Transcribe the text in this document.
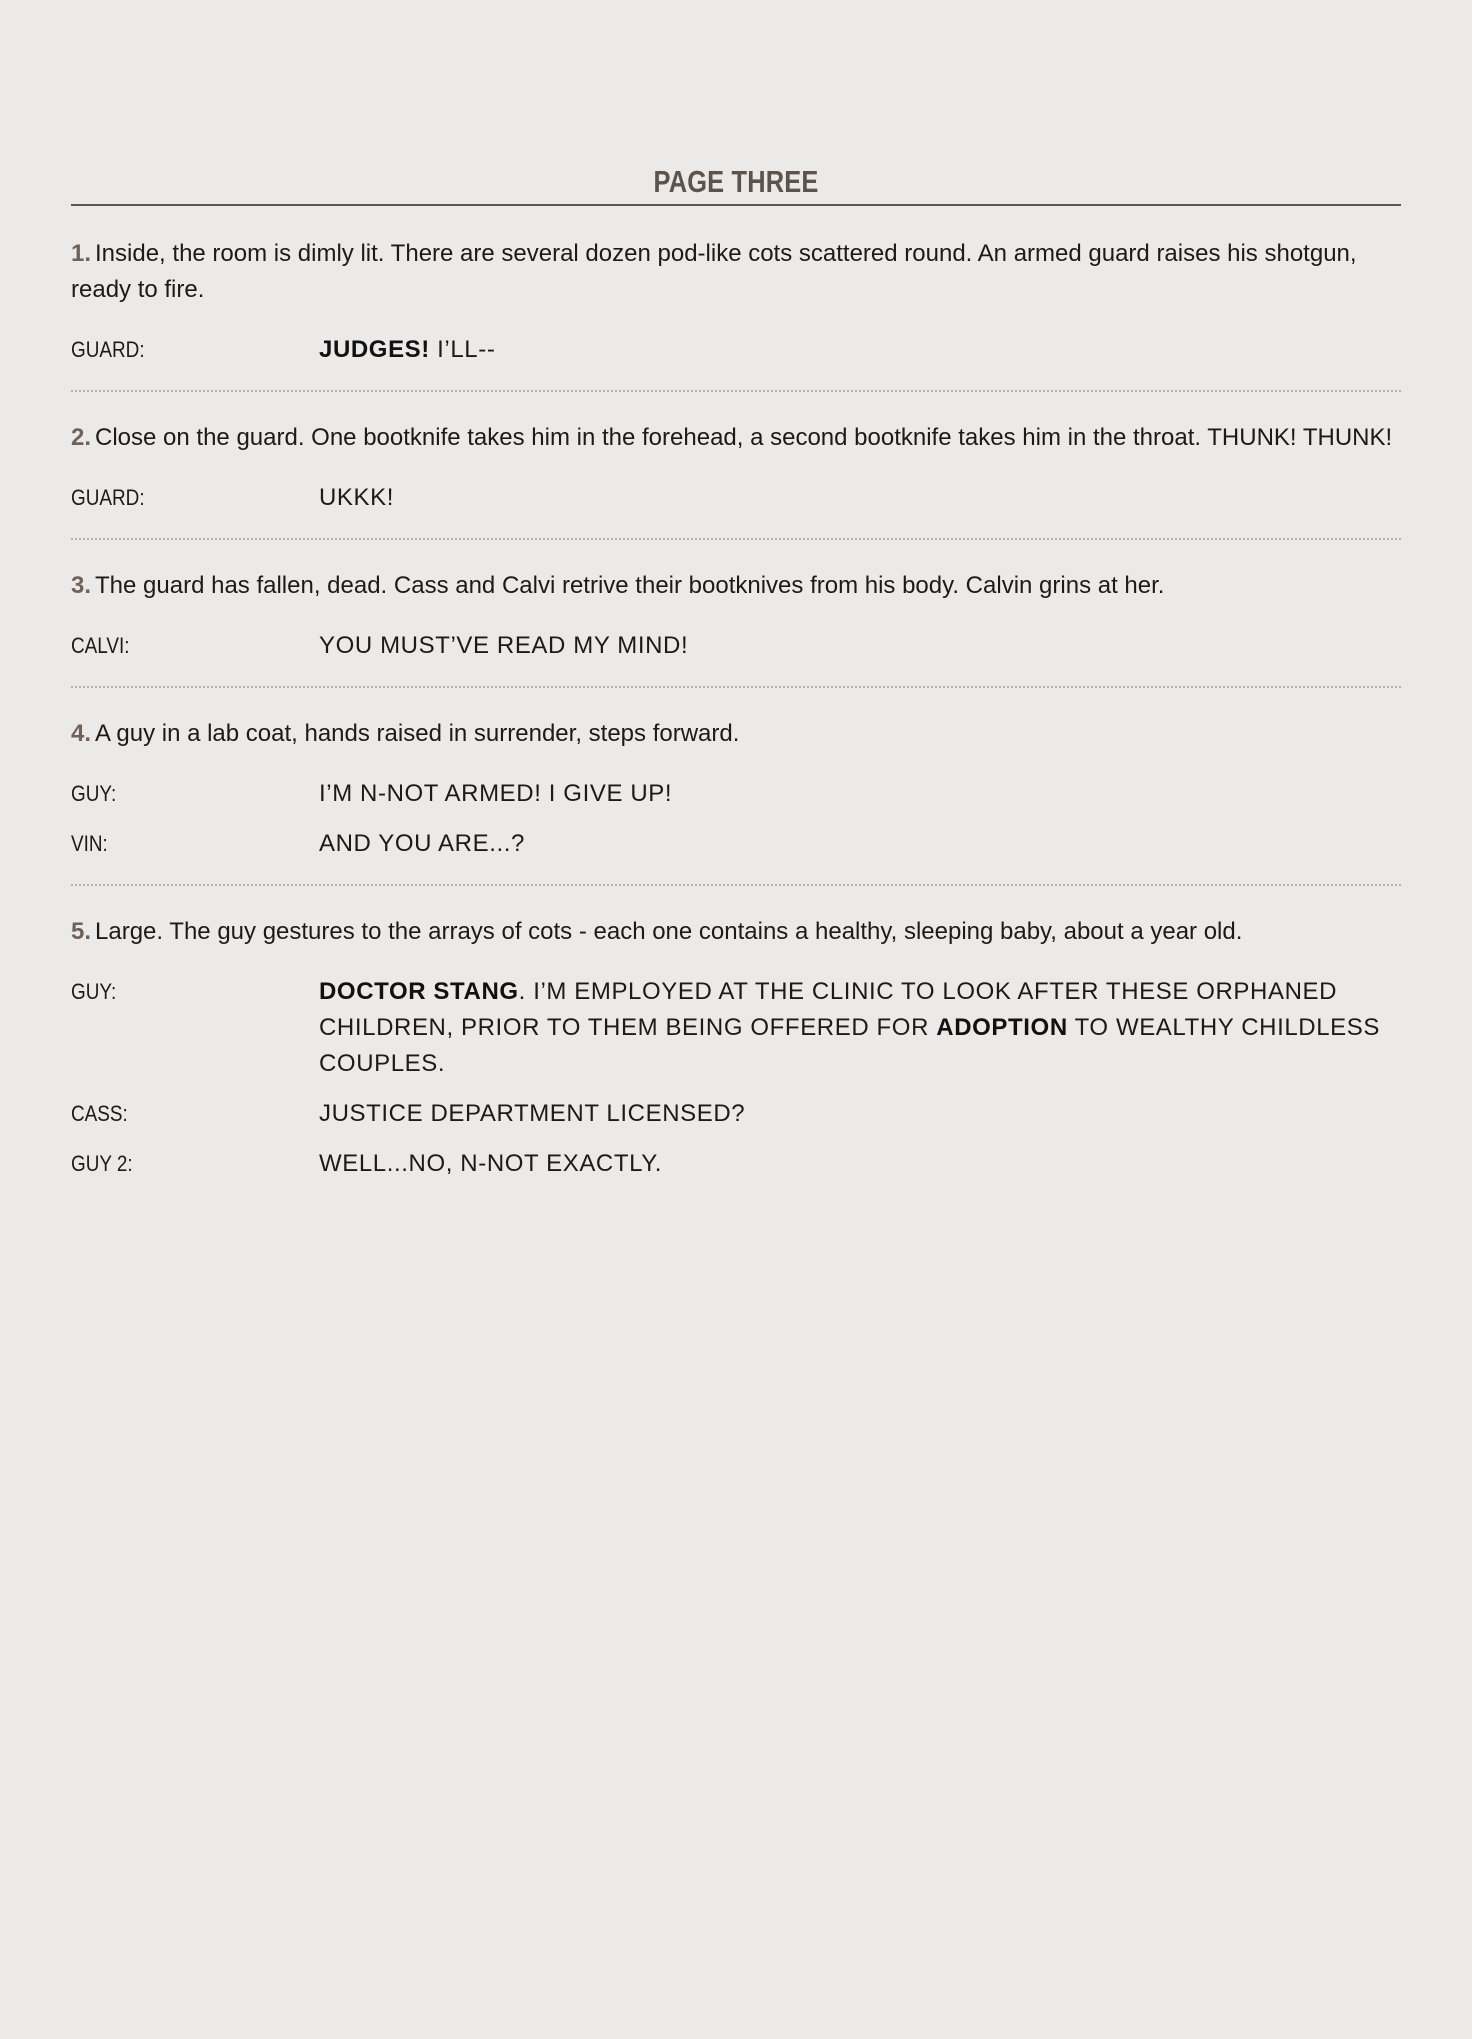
PAGE THREE

1. Inside, the room is dimly lit. There are several dozen pod-like cots scattered round. An armed guard raises his shotgun, ready to fire.

GUARD:	JUDGES! I’LL--

2. Close on the guard. One bootknife takes him in the forehead, a second bootknife takes him in the throat. THUNK! THUNK!

GUARD:	UKKK!

3. The guard has fallen, dead. Cass and Calvi retrive their bootknives from his body. Calvin grins at her.

CALVI:	YOU MUST’VE READ MY MIND!

4. A guy in a lab coat, hands raised in surrender, steps forward.

GUY:	I’M N-NOT ARMED! I GIVE UP!
VIN:	AND YOU ARE...?

5. Large. The guy gestures to the arrays of cots - each one contains a healthy, sleeping baby, about a year old.

GUY:	DOCTOR STANG. I’M EMPLOYED AT THE CLINIC TO LOOK AFTER THESE ORPHANED CHILDREN, PRIOR TO THEM BEING OFFERED FOR ADOPTION TO WEALTHY CHILDLESS COUPLES.
CASS:	JUSTICE DEPARTMENT LICENSED?
GUY 2:	WELL...NO, N-NOT EXACTLY.
